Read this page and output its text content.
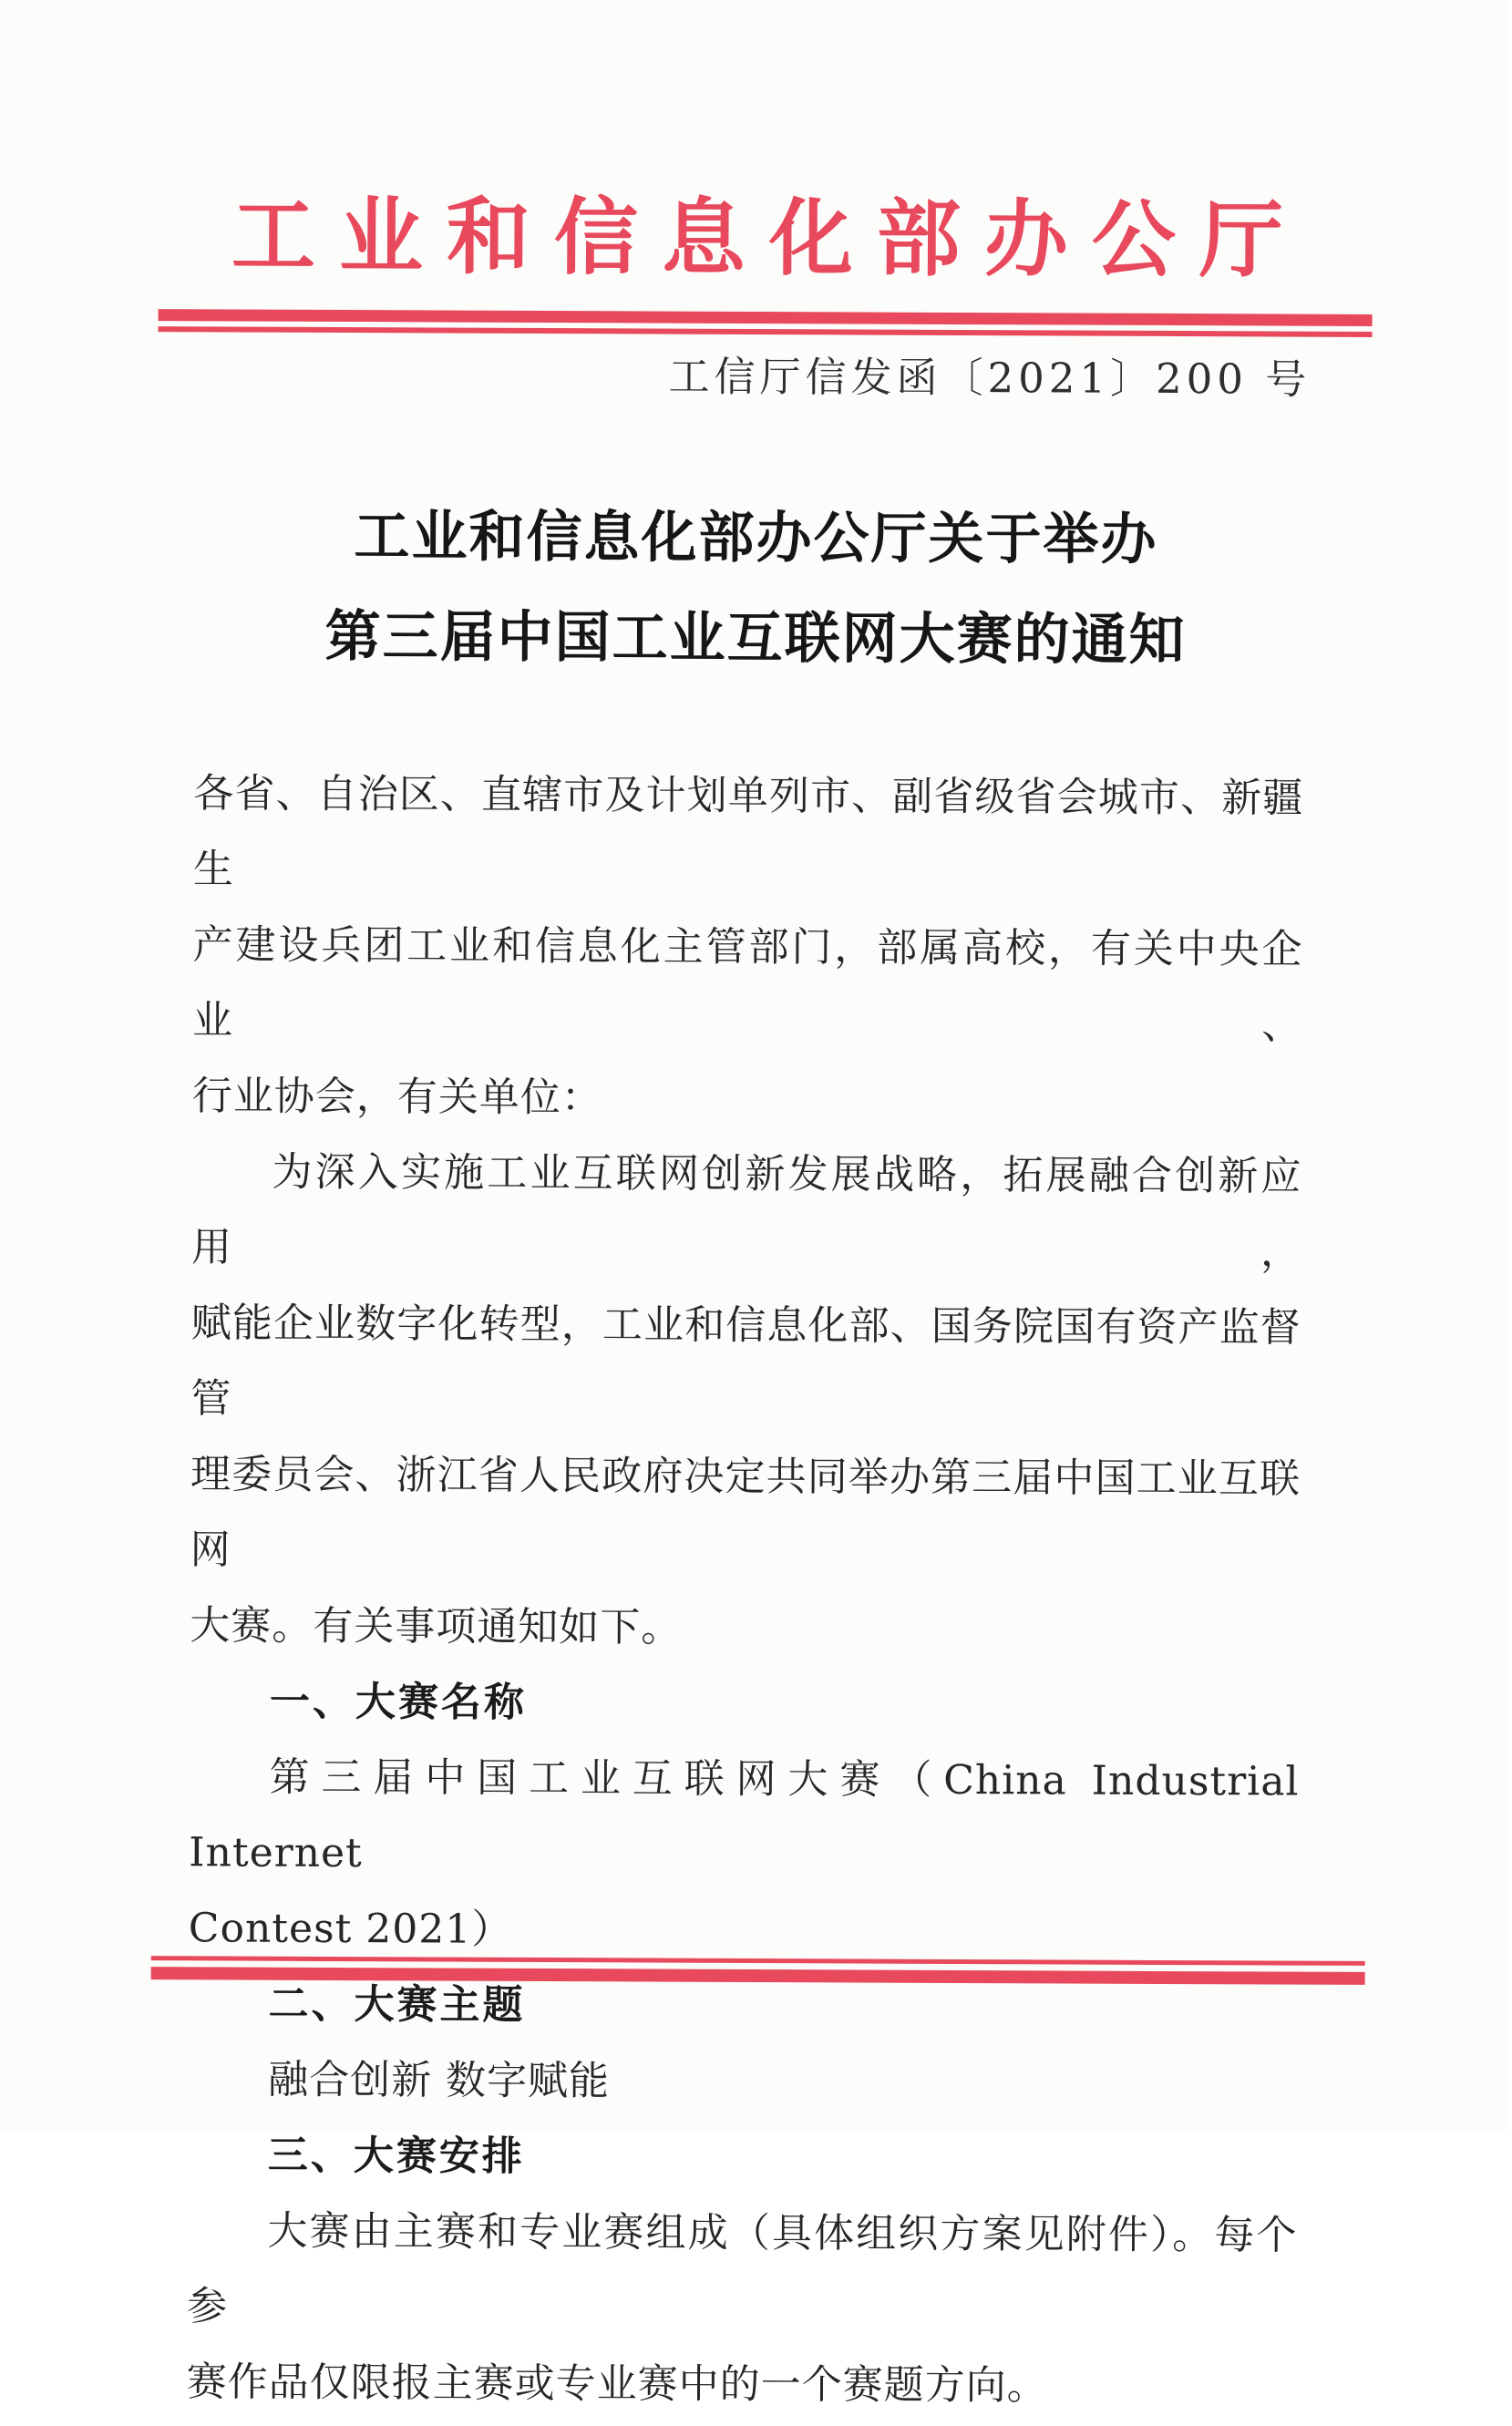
工业和信息化部办公厅
工信厅信发函〔2021〕200 号
工业和信息化部办公厅关于举办
第三届中国工业互联网大赛的通知
各省、自治区、直辖市及计划单列市、副省级省会城市、新疆生
产建设兵团工业和信息化主管部门，部属高校，有关中央企业、
行业协会，有关单位：
为深入实施工业互联网创新发展战略，拓展融合创新应用，
赋能企业数字化转型，工业和信息化部、国务院国有资产监督管
理委员会、浙江省人民政府决定共同举办第三届中国工业互联网
大赛。有关事项通知如下。
一、大赛名称
第三届中国工业互联网大赛（China Industrial Internet
Contest 2021）
二、大赛主题
融合创新 数字赋能
三、大赛安排
大赛由主赛和专业赛组成（具体组织方案见附件）。每个参
赛作品仅限报主赛或专业赛中的一个赛题方向。
